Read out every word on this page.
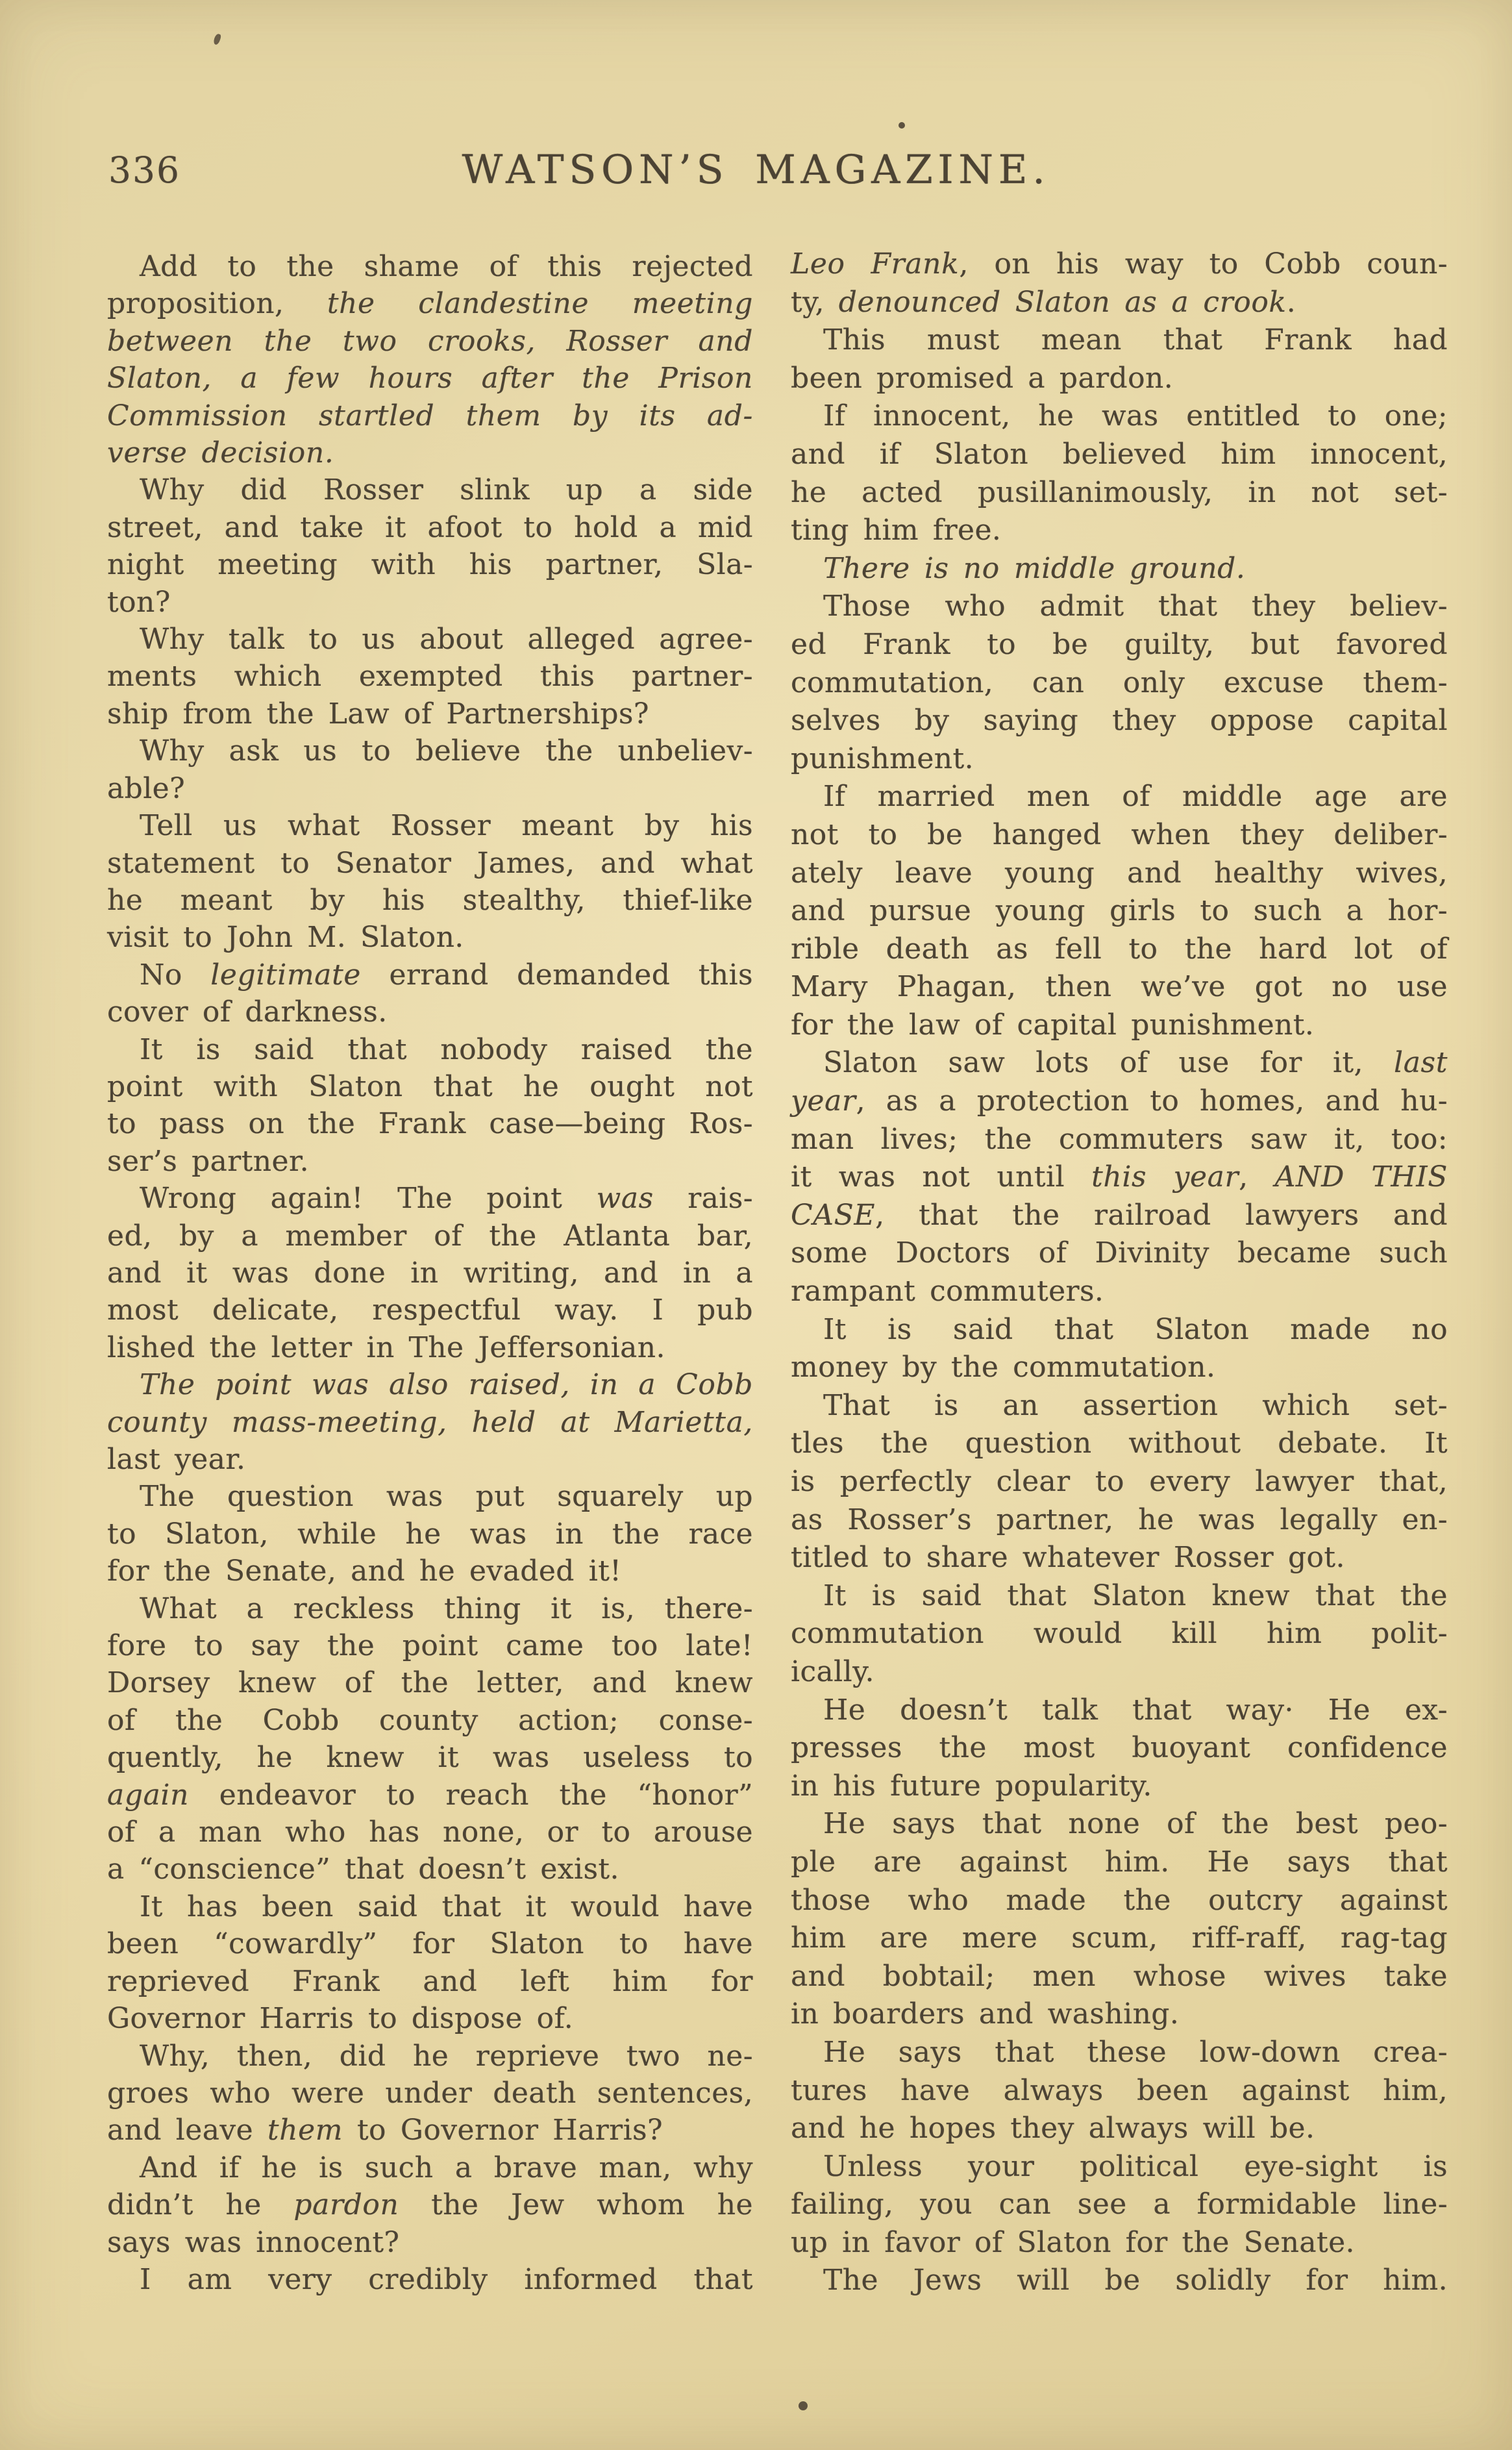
336	WATSON’S MAGAZINE.
Add to the shame of this rejected
proposition, the clandestine meeting
between the two crooks, Rosser and
Slaton, a few hours after the Prison
Commission startled them by its ad-
verse decision.
Why did Rosser slink up a side
street, and take it afoot to hold a mid
night meeting with his partner, Sla-
ton?
Why talk to us about alleged agree-
ments which exempted this partner-
ship from the Law of Partnerships?
Why ask us to believe the unbeliev-
able?
Tell us what Rosser meant by his
statement to Senator James, and what
he meant by his stealthy, thief-like
visit to John M. Slaton.
No legitimate errand demanded this
cover of darkness.
It is said that nobody raised the
point with Slaton that he ought not
to pass on the Frank case—being Ros-
ser’s partner.
Wrong again! The point was rais-
ed, by a member of the Atlanta bar,
and it was done in writing, and in a
most delicate, respectful way. I pub
lished the letter in The Jeffersonian.
The point was also raised, in a Cobb
county mass-meeting, held at Marietta,
last year.
The question was put squarely up
to Slaton, while he was in the race
for the Senate, and he evaded it!
What a reckless thing it is, there-
fore to say the point came too late!
Dorsey knew of the letter, and knew
of the Cobb county action; conse-
quently, he knew it was useless to
again endeavor to reach the “honor”
of a man who has none, or to arouse
a “conscience” that doesn’t exist.
It has been said that it would have
been “cowardly” for Slaton to have
reprieved Frank and left him for
Governor Harris to dispose of.
Why, then, did he reprieve two ne-
groes who were under death sentences,
and leave them to Governor Harris?
And if he is such a brave man, why
didn’t he pardon the Jew whom he
says was innocent?
I am very credibly informed that
Leo Frank, on his way to Cobb coun-
ty, denounced Slaton as a crook.
This must mean that Frank had
been promised a pardon.
If innocent, he was entitled to one;
and if Slaton believed him innocent,
he acted pusillanimously, in not set-
ting him free.
There is no middle ground.
Those who admit that they believ-
ed Frank to be guilty, but favored
commutation, can only excuse them-
selves by saying they oppose capital
punishment.
If married men of middle age are
not to be hanged when they deliber-
ately leave young and healthy wives,
and pursue young girls to such a hor-
rible death as fell to the hard lot of
Mary Phagan, then we’ve got no use
for the law of capital punishment.
Slaton saw lots of use for it, last
year, as a protection to homes, and hu-
man lives; the commuters saw it, too:
it was not until this year, AND THIS
CASE, that the railroad lawyers and
some Doctors of Divinity became such
rampant commuters.
It is said that Slaton made no
money by the commutation.
That is an assertion which set-
tles the question without debate. It
is perfectly clear to every lawyer that,
as Rosser’s partner, he was legally en-
titled to share whatever Rosser got.
It is said that Slaton knew that the
commutation would kill him polit-
ically.
He doesn’t talk that way· He ex-
presses the most buoyant confidence
in his future popularity.
He says that none of the best peo-
ple are against him. He says that
those who made the outcry against
him are mere scum, riff-raff, rag-tag
and bobtail; men whose wives take
in boarders and washing.
He says that these low-down crea-
tures have always been against him,
and he hopes they always will be.
Unless your political eye-sight is
failing, you can see a formidable line-
up in favor of Slaton for the Senate.
The Jews will be solidly for him.
